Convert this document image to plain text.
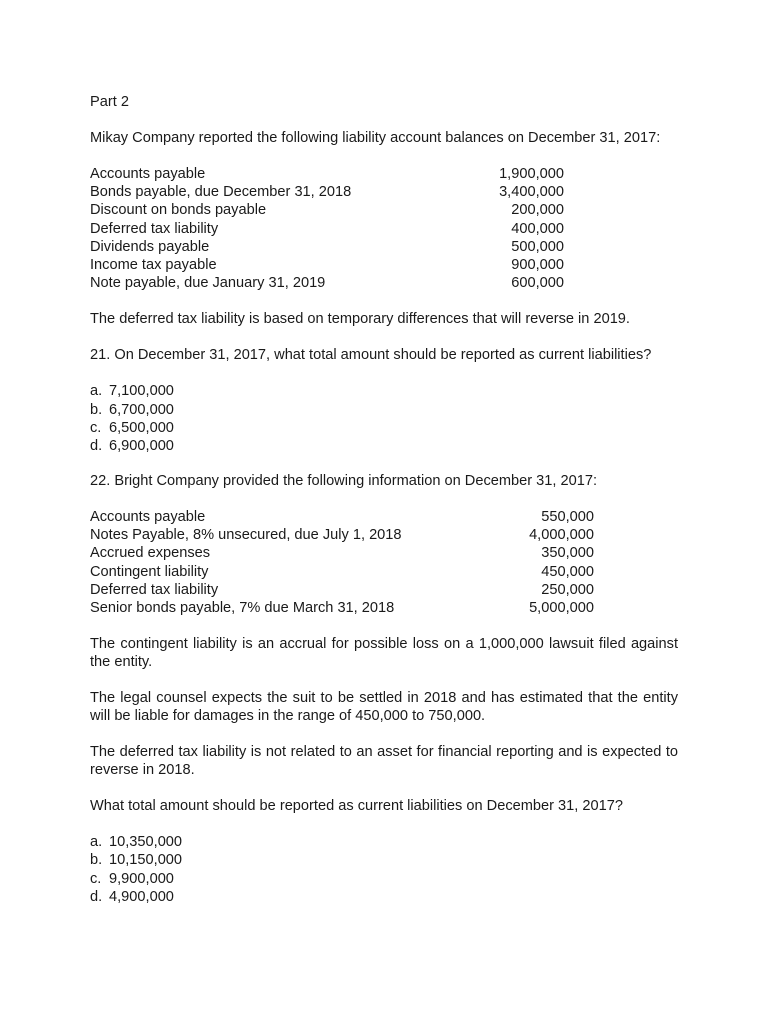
Part 2

Mikay Company reported the following liability account balances on December 31, 2017:

Accounts payable	1,900,000
Bonds payable, due December 31, 2018	3,400,000
Discount on bonds payable	200,000
Deferred tax liability	400,000
Dividends payable	500,000
Income tax payable	900,000
Note payable, due January 31, 2019	600,000

The deferred tax liability is based on temporary differences that will reverse in 2019.

21. On December 31, 2017, what total amount should be reported as current liabilities?

a. 7,100,000
b. 6,700,000
c. 6,500,000
d. 6,900,000

22. Bright Company provided the following information on December 31, 2017:

Accounts payable	550,000
Notes Payable, 8% unsecured, due July 1, 2018	4,000,000
Accrued expenses	350,000
Contingent liability	450,000
Deferred tax liability	250,000
Senior bonds payable, 7% due March 31, 2018	5,000,000

The contingent liability is an accrual for possible loss on a 1,000,000 lawsuit filed against the entity.

The legal counsel expects the suit to be settled in 2018 and has estimated that the entity will be liable for damages in the range of 450,000 to 750,000.

The deferred tax liability is not related to an asset for financial reporting and is expected to reverse in 2018.

What total amount should be reported as current liabilities on December 31, 2017?

a. 10,350,000
b. 10,150,000
c. 9,900,000
d. 4,900,000
